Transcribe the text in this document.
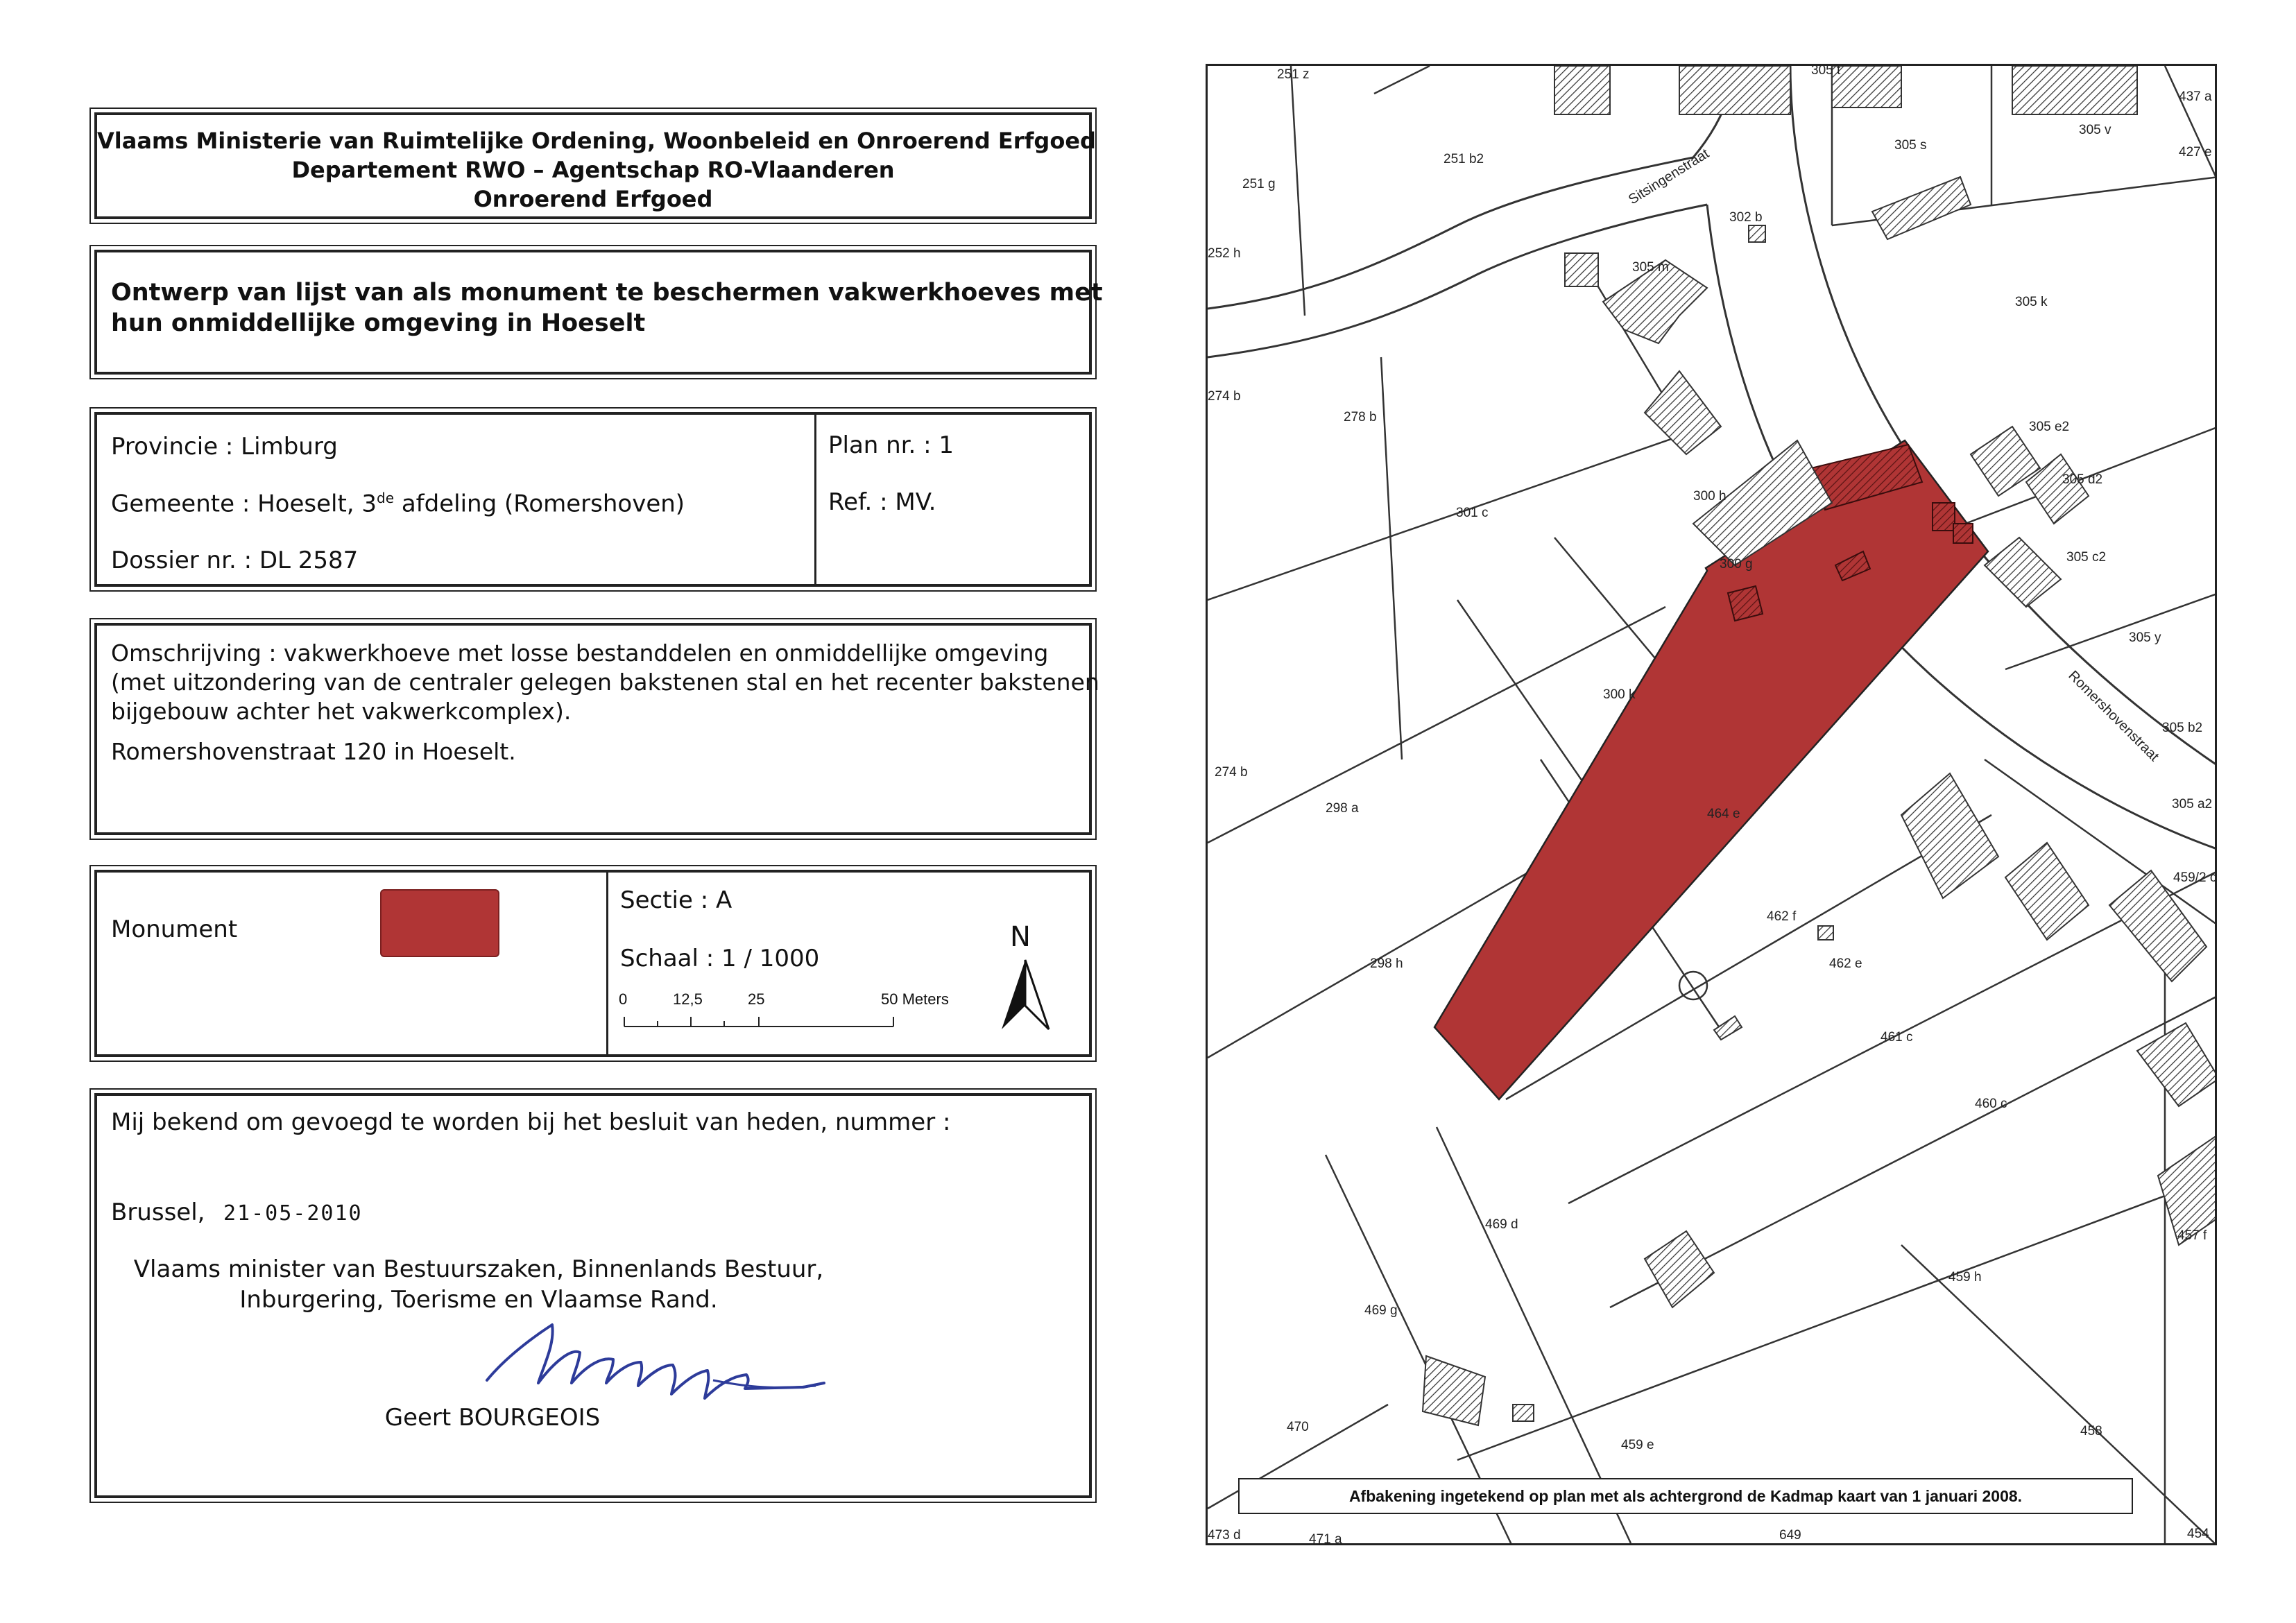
Vlaams Ministerie van Ruimtelijke Ordening, Woonbeleid en Onroerend Erfgoed
Departement RWO – Agentschap RO-Vlaanderen
Onroerend Erfgoed
Ontwerp van lijst van als monument te beschermen vakwerkhoeves met
hun onmiddellijke omgeving in Hoeselt
Provincie : Limburg
Gemeente : Hoeselt, 3de afdeling (Romershoven)
Dossier nr. : DL 2587
Plan nr. : 1
Ref. : MV.
Omschrijving : vakwerkhoeve met losse bestanddelen en onmiddellijke omgeving
(met uitzondering van de centraler gelegen bakstenen stal en het recenter bakstenen
bijgebouw achter het vakwerkcomplex).
Romershovenstraat 120 in Hoeselt.
Monument
Sectie : A
Schaal : 1 / 1000
0	12,5	25	50 Meters
N
Mij bekend om gevoegd te worden bij het besluit van heden, nummer :
Brussel, 21-05-2010
Vlaams minister van Bestuurszaken, Binnenlands Bestuur,
Inburgering, Toerisme en Vlaamse Rand.
Geert BOURGEOIS
Sitsingenstraat
Romershovenstraat
251 z	305 t
437 a
251 b2
305 s
305 v
427 e
251 g
302 b
252 h
305 m
305 k
274 b
278 b
305 e2
305 d2
301 c
300 h
300 g	305 c2
305 y
300 k
305 b2
274 b
464 e
305 a2
298 a
459/2 c
462 f
462 e
298 h
461 c
460 c
469 d
457 f
459 h
469 g
470	458
459 e
473 d	471 a	649	454
Afbakening ingetekend op plan met als achtergrond de Kadmap kaart van 1 januari 2008.
